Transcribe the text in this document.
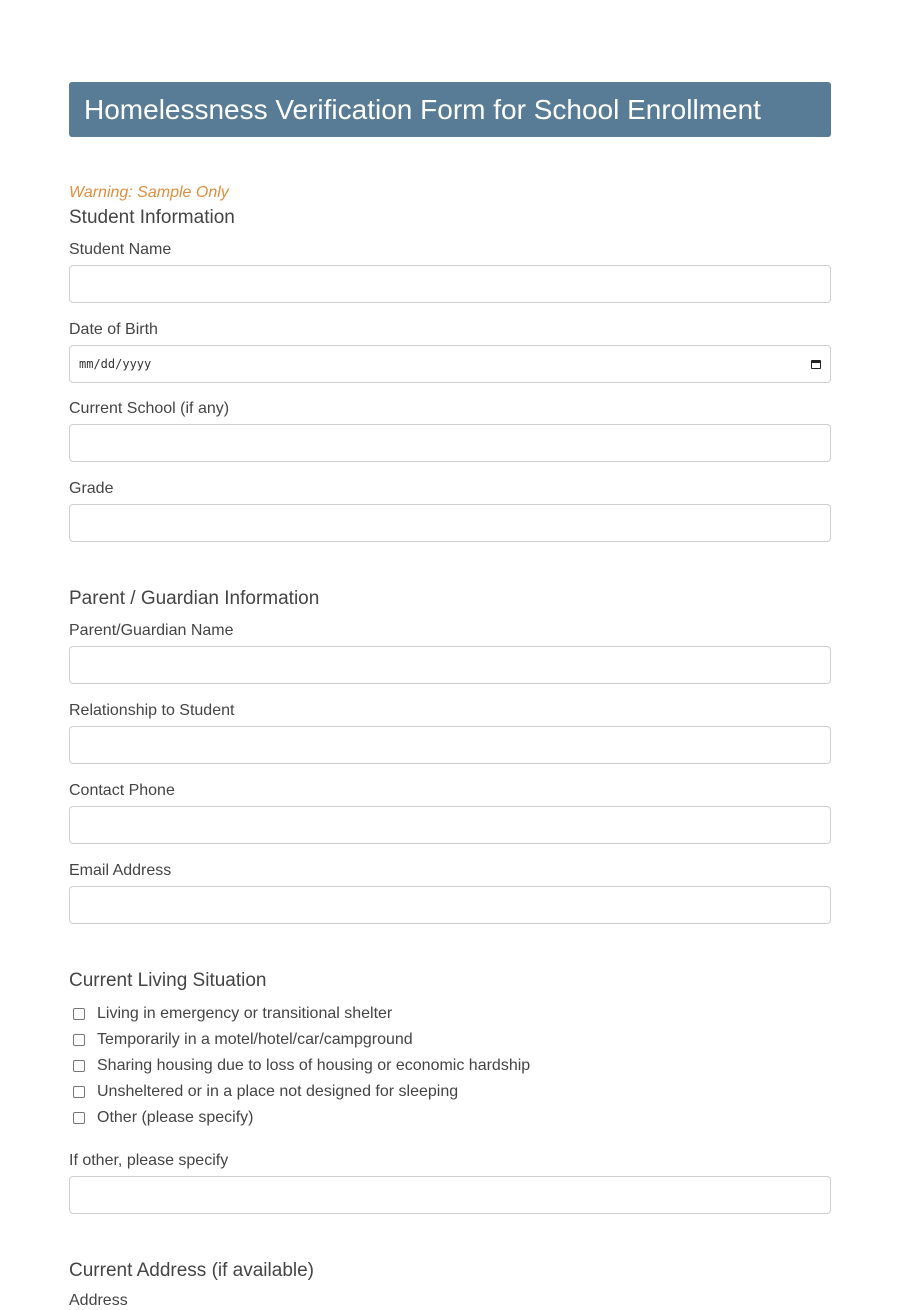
Homelessness Verification Form for School Enrollment
Warning: Sample Only
Student Information
Student Name
Date of Birth
mm/dd/yyyy
Current School (if any)
Grade
Parent / Guardian Information
Parent/Guardian Name
Relationship to Student
Contact Phone
Email Address
Current Living Situation
Living in emergency or transitional shelter
Temporarily in a motel/hotel/car/campground
Sharing housing due to loss of housing or economic hardship
Unsheltered or in a place not designed for sleeping
Other (please specify)
If other, please specify
Current Address (if available)
Address
